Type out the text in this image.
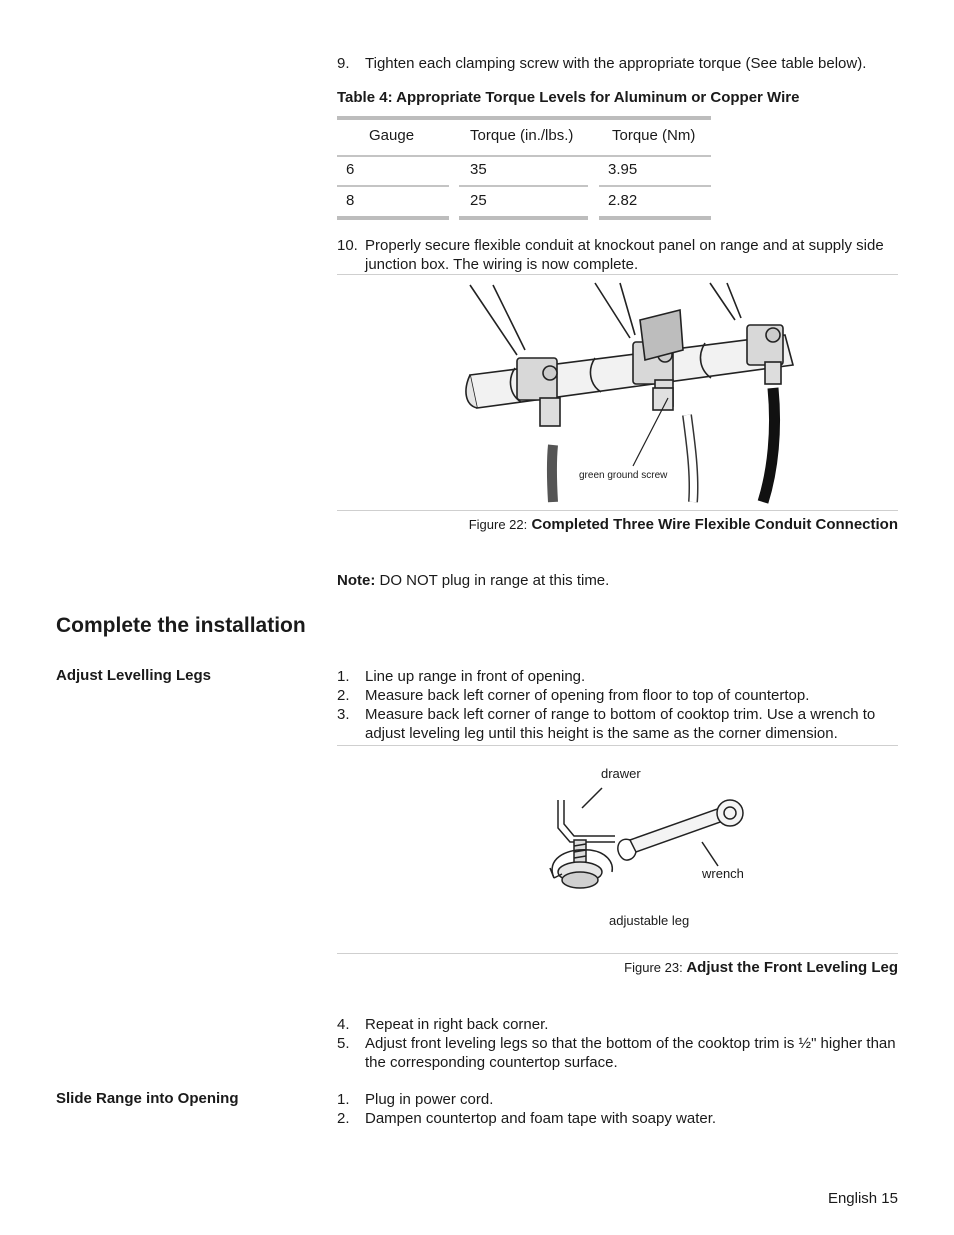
9. Tighten each clamping screw with the appropriate torque (See table below).
Table 4: Appropriate Torque Levels for Aluminum or Copper Wire
Gauge	Torque (in./lbs.)	Torque (Nm)
6	35	3.95
8	25	2.82
10. Properly secure flexible conduit at knockout panel on range and at supply side junction box. The wiring is now complete.
green ground screw
Figure 22: Completed Three Wire Flexible Conduit Connection
Note: DO NOT plug in range at this time.
Complete the installation
Adjust Levelling Legs	1. Line up range in front of opening.
2. Measure back left corner of opening from floor to top of countertop.
3. Measure back left corner of range to bottom of cooktop trim. Use a wrench to adjust leveling leg until this height is the same as the corner dimension.
drawer
wrench
adjustable leg
Figure 23: Adjust the Front Leveling Leg
4. Repeat in right back corner.
5. Adjust front leveling legs so that the bottom of the cooktop trim is ½" higher than the corresponding countertop surface.
Slide Range into Opening	1. Plug in power cord.
2. Dampen countertop and foam tape with soapy water.
English 15
